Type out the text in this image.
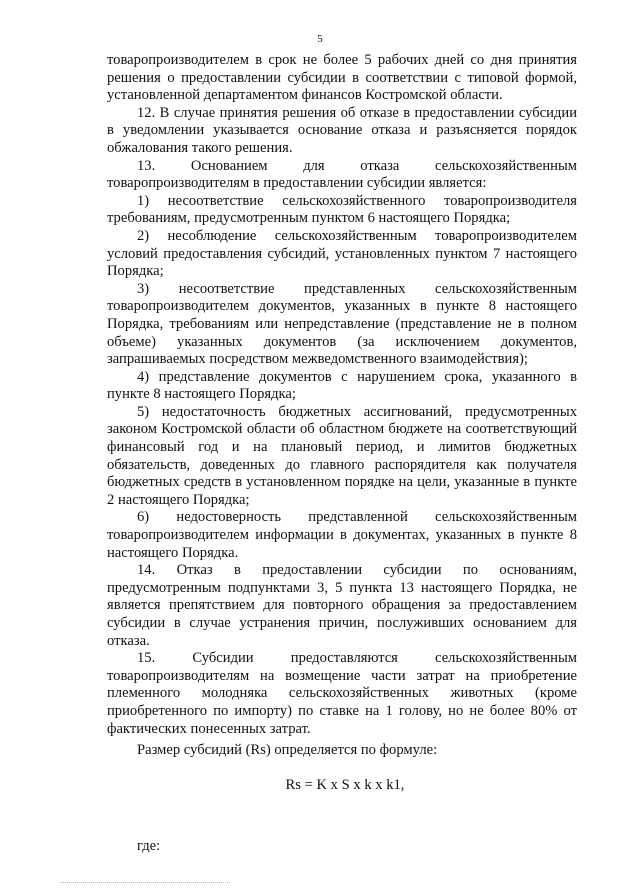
5

товаропроизводителем в срок не более 5 рабочих дней со дня принятия решения о предоставлении субсидии в соответствии с типовой формой, установленной департаментом финансов Костромской области.

12. В случае принятия решения об отказе в предоставлении субсидии в уведомлении указывается основание отказа и разъясняется порядок обжалования такого решения.

13. Основанием для отказа сельскохозяйственным товаропроизводителям в предоставлении субсидии является:

1) несоответствие сельскохозяйственного товаропроизводителя требованиям, предусмотренным пунктом 6 настоящего Порядка;

2) несоблюдение сельскохозяйственным товаропроизводителем условий предоставления субсидий, установленных пунктом 7 настоящего Порядка;

3) несоответствие представленных сельскохозяйственным товаропроизводителем документов, указанных в пункте 8 настоящего Порядка, требованиям или непредставление (представление не в полном объеме) указанных документов (за исключением документов, запрашиваемых посредством межведомственного взаимодействия);

4) представление документов с нарушением срока, указанного в пункте 8 настоящего Порядка;

5) недостаточность бюджетных ассигнований, предусмотренных законом Костромской области об областном бюджете на соответствующий финансовый год и на плановый период, и лимитов бюджетных обязательств, доведенных до главного распорядителя как получателя бюджетных средств в установленном порядке на цели, указанные в пункте 2 настоящего Порядка;

6) недостоверность представленной сельскохозяйственным товаропроизводителем информации в документах, указанных в пункте 8 настоящего Порядка.

14. Отказ в предоставлении субсидии по основаниям, предусмотренным подпунктами 3, 5 пункта 13 настоящего Порядка, не является препятствием для повторного обращения за предоставлением субсидии в случае устранения причин, послуживших основанием для отказа.

15. Субсидии предоставляются сельскохозяйственным товаропроизводителям на возмещение части затрат на приобретение племенного молодняка сельскохозяйственных животных (кроме приобретенного по импорту) по ставке на 1 голову, но не более 80% от фактических понесенных затрат.

Размер субсидий (Rs) определяется по формуле:

Rs = K x S x k x k1,

где:
